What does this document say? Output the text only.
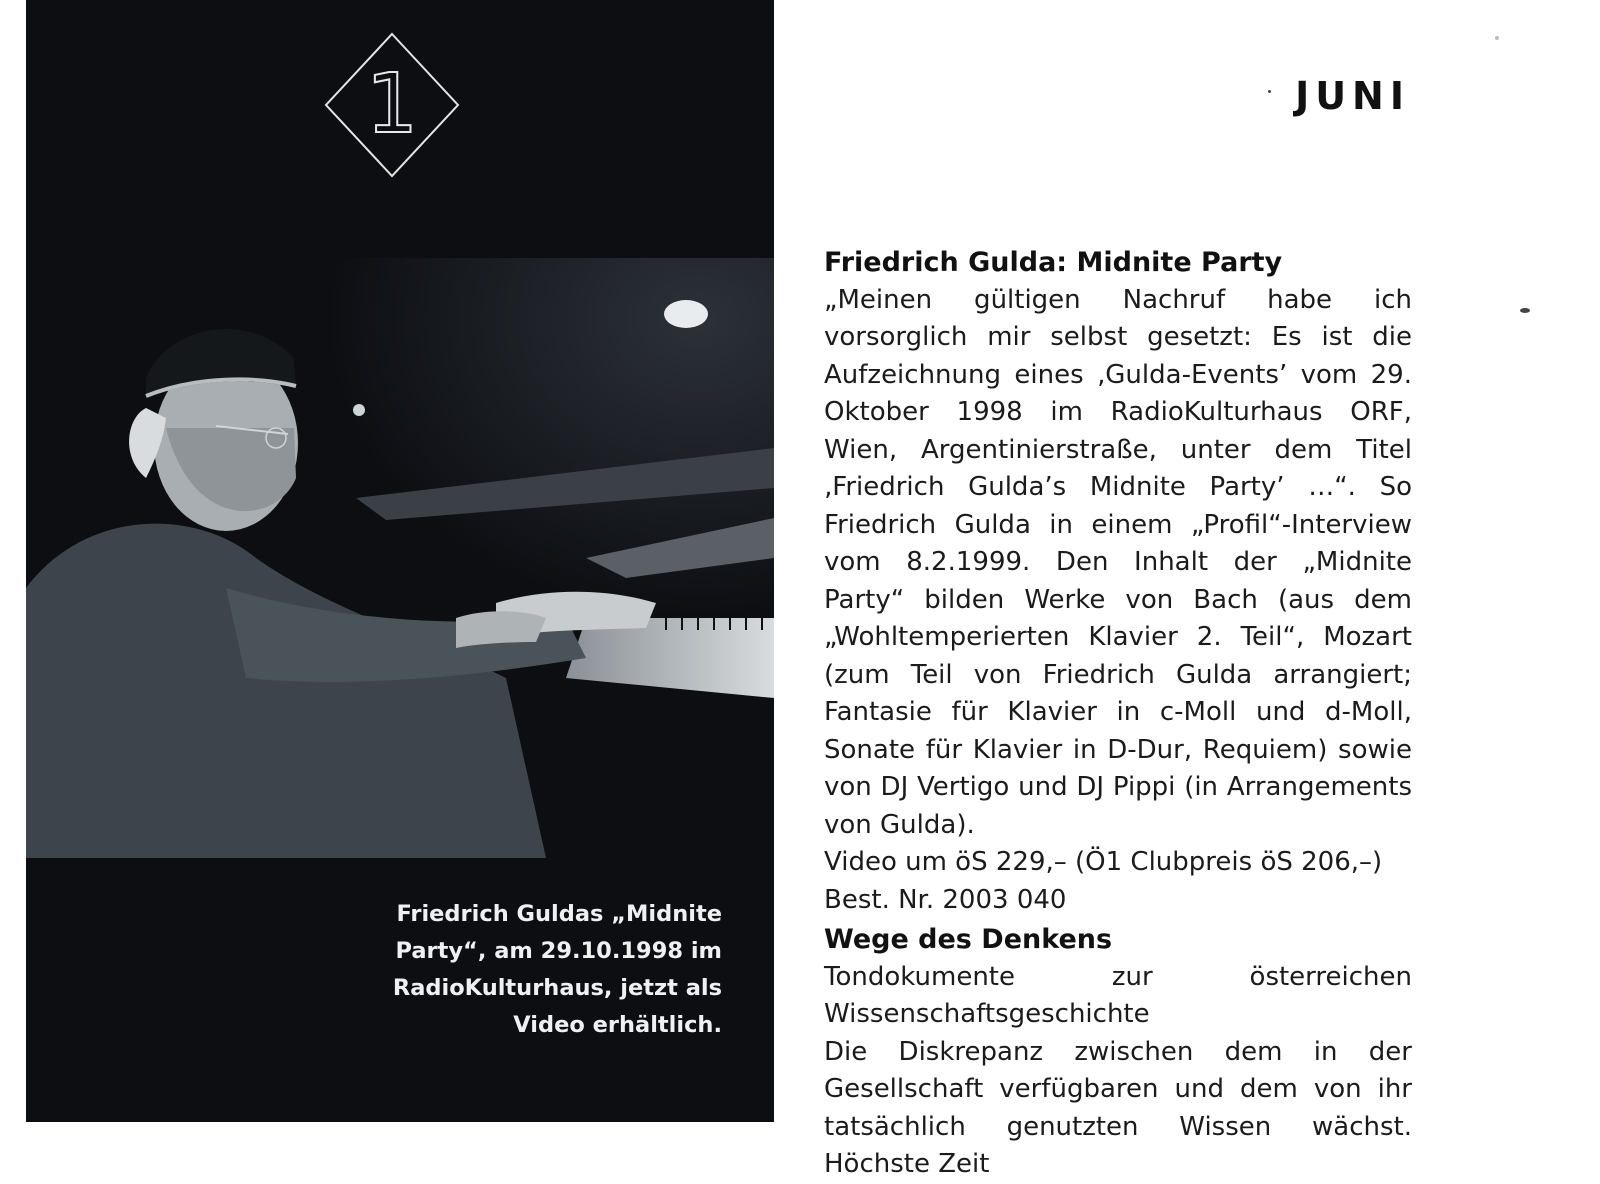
1
Friedrich Guldas „Midnite Party“, am 29.10.1998 im RadioKulturhaus, jetzt als Video erhältlich.
JUNI
Friedrich Gulda: Midnite Party

„Meinen gültigen Nachruf habe ich vorsorglich mir selbst gesetzt: Es ist die Aufzeichnung eines ‚Gulda-Events’ vom 29. Oktober 1998 im RadioKulturhaus ORF, Wien, Argentinierstraße, unter dem Titel ‚Friedrich Gulda’s Midnite Party’ …“. So Friedrich Gulda in einem „Profil“-Interview vom 8.2.1999. Den Inhalt der „Midnite Party“ bilden Werke von Bach (aus dem „Wohltemperierten Klavier 2. Teil“, Mozart (zum Teil von Friedrich Gulda arrangiert; Fantasie für Klavier in c-Moll und d-Moll, Sonate für Klavier in D-Dur, Requiem) sowie von DJ Vertigo und DJ Pippi (in Arrangements von Gulda).

Video um öS 229,– (Ö1 Clubpreis öS 206,–)

Best. Nr. 2003 040

Wege des Denkens

Tondokumente zur österreichen Wissenschaftsgeschichte

Die Diskrepanz zwischen dem in der Gesellschaft verfügbaren und dem von ihr tatsächlich genutzten Wissen wächst. Höchste Zeit
